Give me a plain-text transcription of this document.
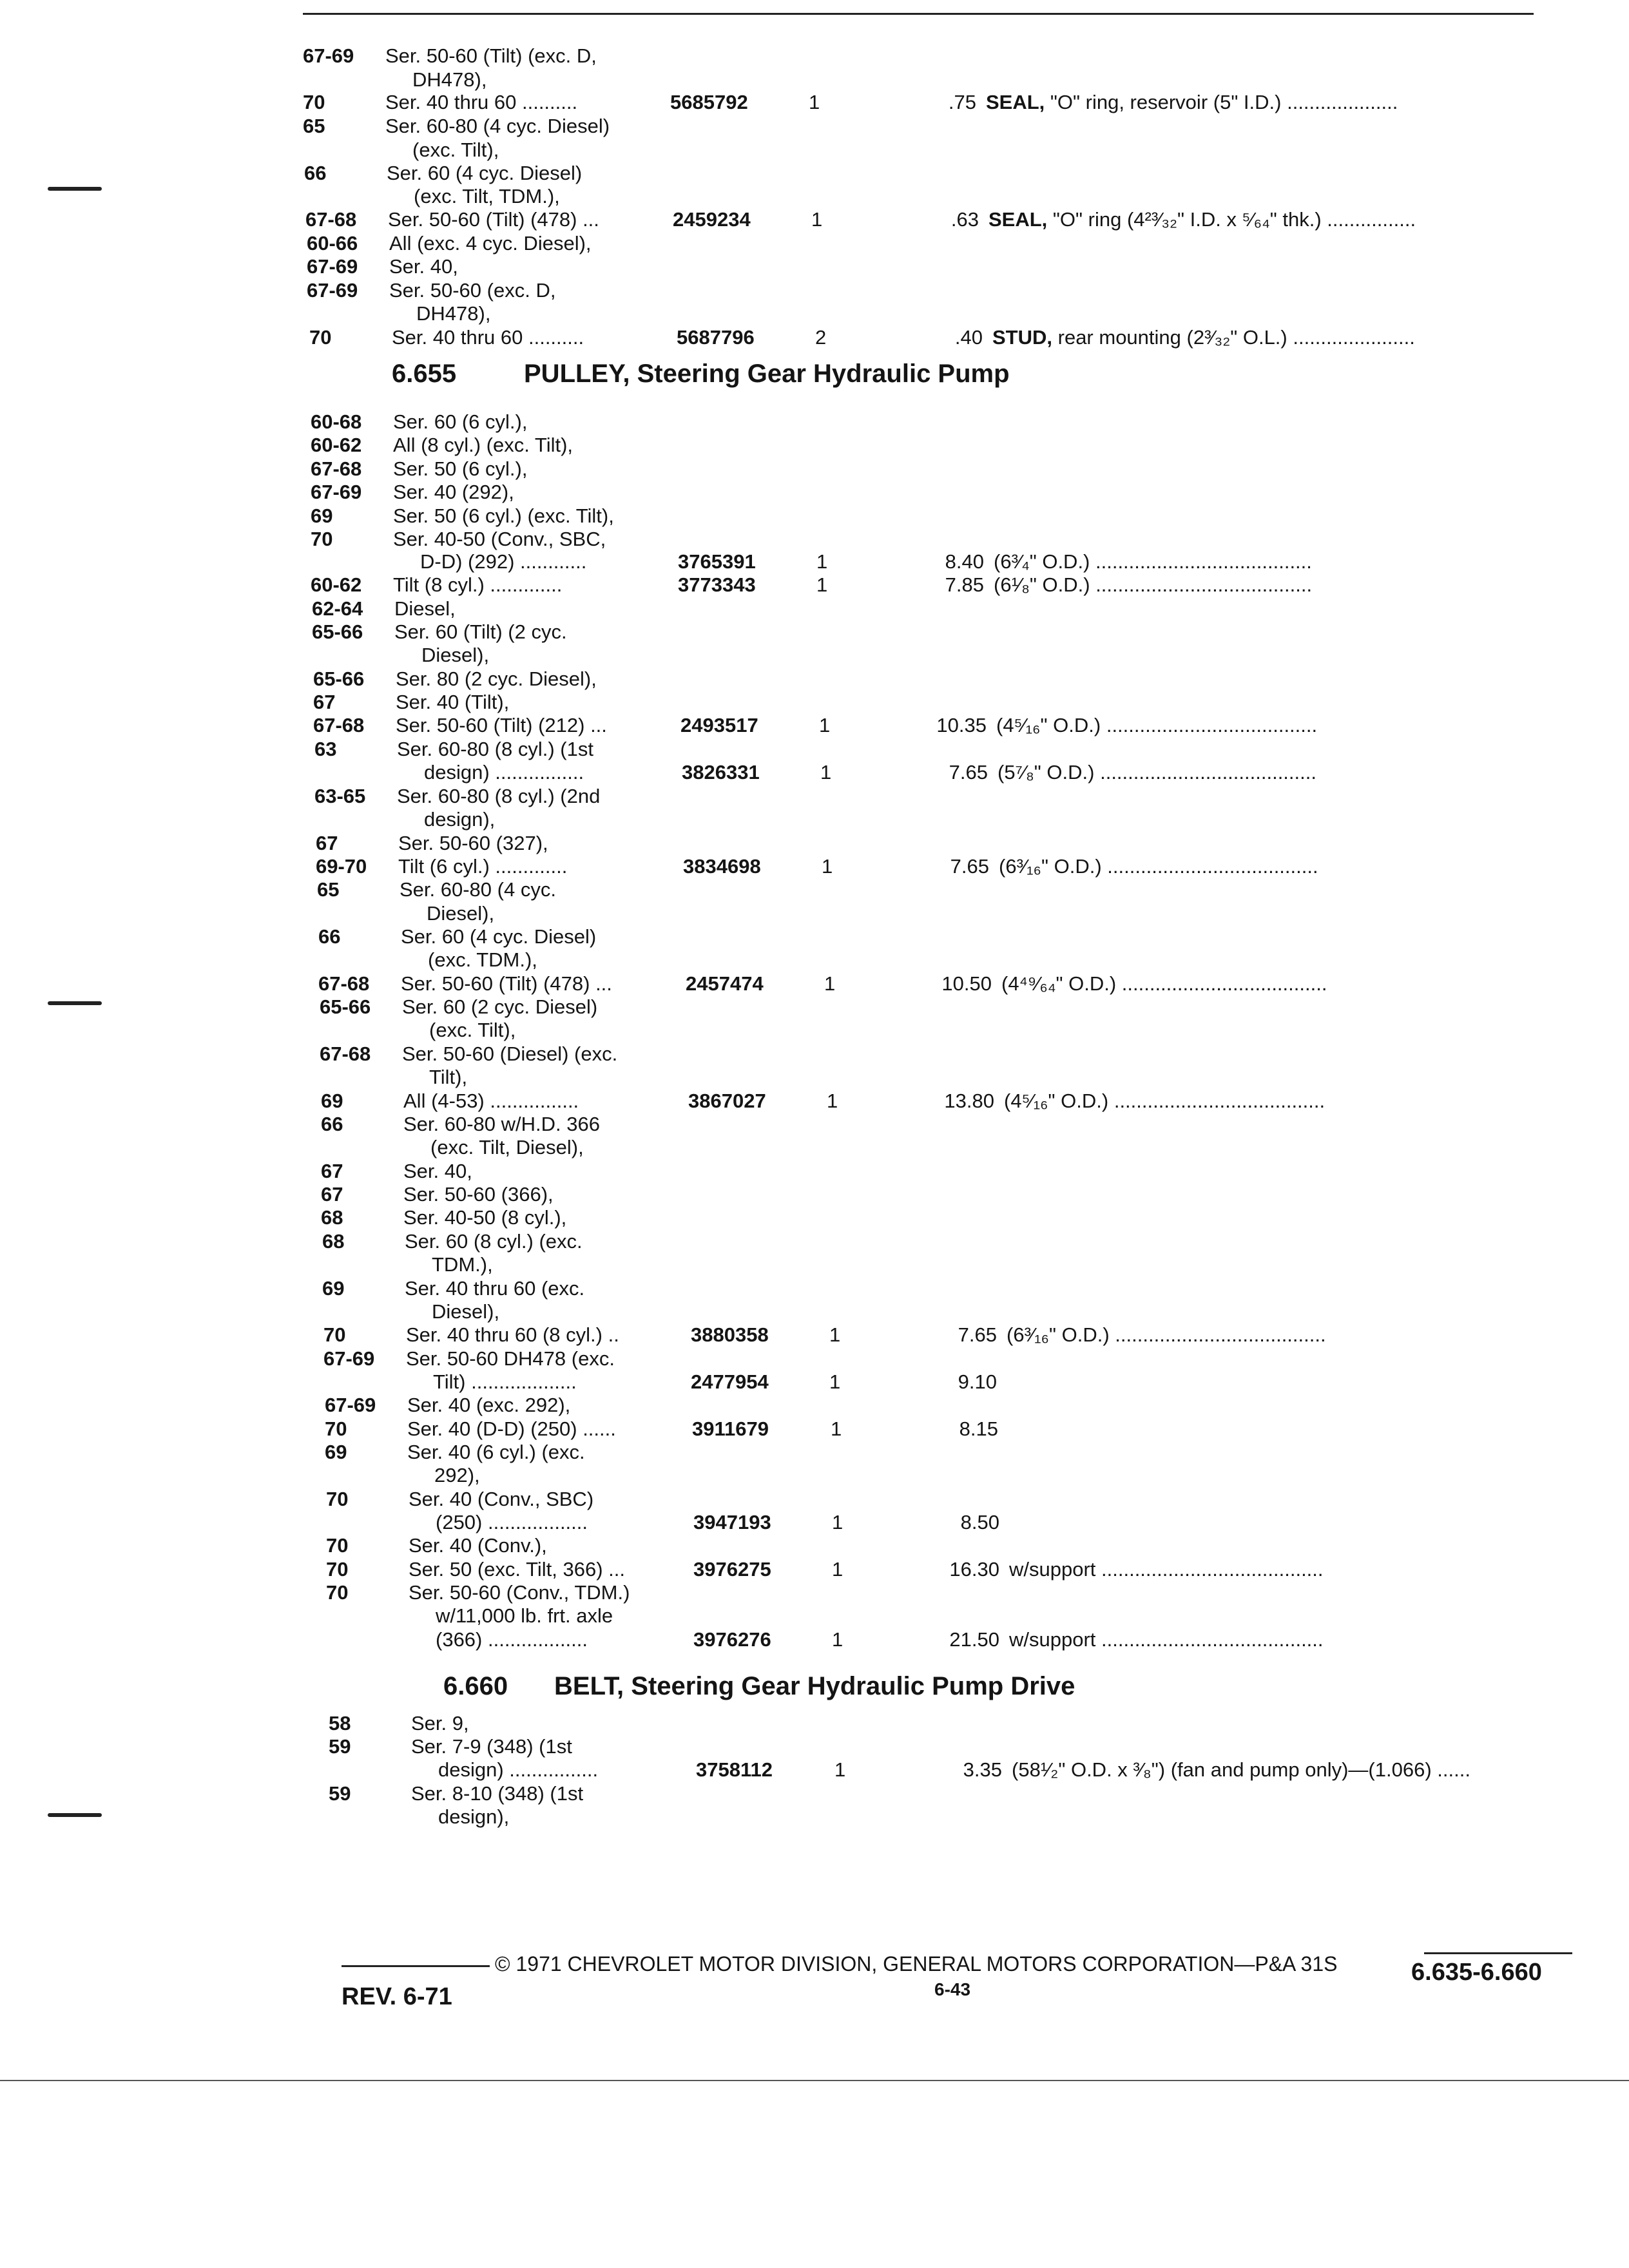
67-69 Ser. 50-60 (Tilt) (exc. D,
DH478),
70	Ser. 40 thru 60 ..........	5685792	1	.75 SEAL, "O" ring, reservoir (5" I.D.) ....................
65	Ser. 60-80 (4 cyc. Diesel)
(exc. Tilt),
66	Ser. 60 (4 cyc. Diesel)
(exc. Tilt, TDM.),
67-68 Ser. 50-60 (Tilt) (478) ...	2459234	1	.63 SEAL, "O" ring (4²³⁄₃₂" I.D. x ⁵⁄₆₄" thk.) ................
60-66 All (exc. 4 cyc. Diesel),
67-69 Ser. 40,
67-69 Ser. 50-60 (exc. D,
DH478),
70	Ser. 40 thru 60 ..........	5687796	2	.40 STUD, rear mounting (2³⁄₃₂" O.L.) ......................
6.655	PULLEY, Steering Gear Hydraulic Pump
60-68 Ser. 60 (6 cyl.),
60-62 All (8 cyl.) (exc. Tilt),
67-68 Ser. 50 (6 cyl.),
67-69 Ser. 40 (292),
69	Ser. 50 (6 cyl.) (exc. Tilt),
70	Ser. 40-50 (Conv., SBC,
D-D) (292) ............	3765391	1	8.40 (6³⁄₄" O.D.) .......................................
60-62 Tilt (8 cyl.) .............	3773343	1	7.85 (6¹⁄₈" O.D.) .......................................
62-64 Diesel,
65-66 Ser. 60 (Tilt) (2 cyc.
Diesel),
65-66 Ser. 80 (2 cyc. Diesel),
67	Ser. 40 (Tilt),
67-68 Ser. 50-60 (Tilt) (212) ...	2493517	1	10.35 (4⁵⁄₁₆" O.D.) ......................................
63	Ser. 60-80 (8 cyl.) (1st
design) ................	3826331	1	7.65 (5⁷⁄₈" O.D.) .......................................
63-65 Ser. 60-80 (8 cyl.) (2nd
design),
67	Ser. 50-60 (327),
69-70 Tilt (6 cyl.) .............	3834698	1	7.65 (6³⁄₁₆" O.D.) ......................................
65	Ser. 60-80 (4 cyc.
Diesel),
66	Ser. 60 (4 cyc. Diesel)
(exc. TDM.),
67-68 Ser. 50-60 (Tilt) (478) ...	2457474	1	10.50 (4⁴⁹⁄₆₄" O.D.) .....................................
65-66 Ser. 60 (2 cyc. Diesel)
(exc. Tilt),
67-68 Ser. 50-60 (Diesel) (exc.
Tilt),
69	All (4-53) ................	3867027	1	13.80 (4⁵⁄₁₆" O.D.) ......................................
66	Ser. 60-80 w/H.D. 366
(exc. Tilt, Diesel),
67	Ser. 40,
67	Ser. 50-60 (366),
68	Ser. 40-50 (8 cyl.),
68	Ser. 60 (8 cyl.) (exc.
TDM.),
69	Ser. 40 thru 60 (exc.
Diesel),
70	Ser. 40 thru 60 (8 cyl.) ..	3880358	1	7.65 (6³⁄₁₆" O.D.) ......................................
67-69 Ser. 50-60 DH478 (exc.
Tilt) ...................	2477954	1	9.10
67-69 Ser. 40 (exc. 292),
70	Ser. 40 (D-D) (250) ......	3911679	1	8.15
69	Ser. 40 (6 cyl.) (exc.
292),
70	Ser. 40 (Conv., SBC)
(250) ..................	3947193	1	8.50
70	Ser. 40 (Conv.),
70	Ser. 50 (exc. Tilt, 366) ...	3976275	1	16.30 w/support ........................................
70	Ser. 50-60 (Conv., TDM.)
w/11,000 lb. frt. axle
(366) ..................	3976276	1	21.50 w/support ........................................
6.660 BELT, Steering Gear Hydraulic Pump Drive
58	Ser. 9,
59	Ser. 7-9 (348) (1st
design) ................	3758112	1	3.35 (58¹⁄₂" O.D. x ³⁄₈") (fan and pump only)—(1.066) ......
59	Ser. 8-10 (348) (1st
design),
© 1971 CHEVROLET MOTOR DIVISION, GENERAL MOTORS CORPORATION—P&A 31S
REV. 6-71	6-43
6.635-6.660
